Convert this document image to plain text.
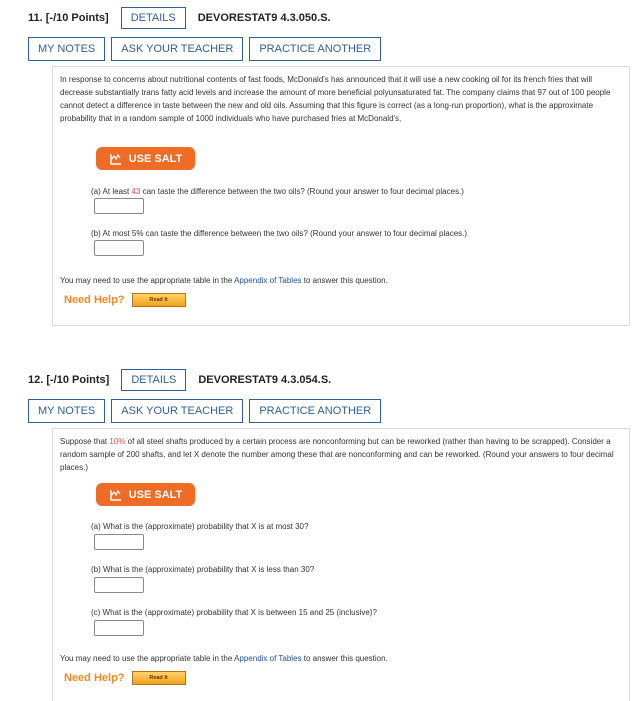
11. [-/10 Points]	DETAILS	DEVORESTAT9 4.3.050.S.
MY NOTES	ASK YOUR TEACHER	PRACTICE ANOTHER
In response to concerns about nutritional contents of fast foods, McDonald's has announced that it will use a new cooking oil for its french fries that will decrease substantially trans fatty acid levels and increase the amount of more beneficial polyunsaturated fat. The company claims that 97 out of 100 people cannot detect a difference in taste between the new and old oils. Assuming that this figure is correct (as a long-run proportion), what is the approximate probability that in a random sample of 1000 individuals who have purchased fries at McDonald's,
USE SALT
(a) At least 43 can taste the difference between the two oils? (Round your answer to four decimal places.)
(b) At most 5% can taste the difference between the two oils? (Round your answer to four decimal places.)
You may need to use the appropriate table in the Appendix of Tables to answer this question.
Need Help?	Read It
12. [-/10 Points]	DETAILS	DEVORESTAT9 4.3.054.S.
MY NOTES	ASK YOUR TEACHER	PRACTICE ANOTHER
Suppose that 10% of all steel shafts produced by a certain process are nonconforming but can be reworked (rather than having to be scrapped). Consider a random sample of 200 shafts, and let X denote the number among these that are nonconforming and can be reworked. (Round your answers to four decimal places.)
USE SALT
(a) What is the (approximate) probability that X is at most 30?
(b) What is the (approximate) probability that X is less than 30?
(c) What is the (approximate) probability that X is between 15 and 25 (inclusive)?
You may need to use the appropriate table in the Appendix of Tables to answer this question.
Need Help?	Read It
